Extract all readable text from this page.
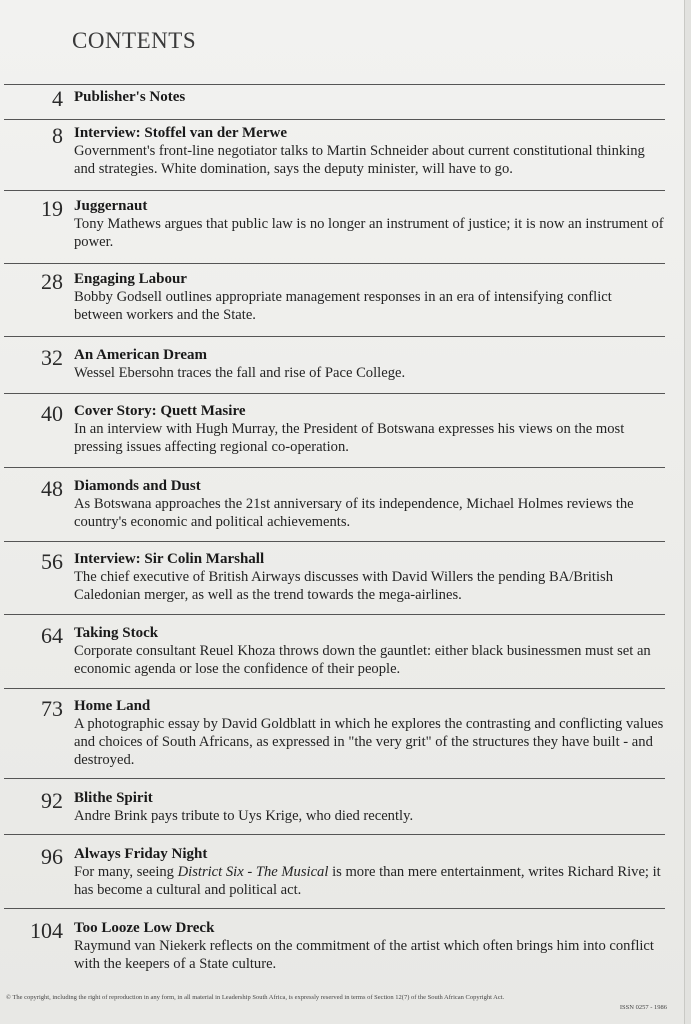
CONTENTS
4 Publisher's Notes
8 Interview: Stoffel van der Merwe
Government's front-line negotiator talks to Martin Schneider about current constitutional thinking and strategies. White domination, says the deputy minister, will have to go.
19 Juggernaut
Tony Mathews argues that public law is no longer an instrument of justice; it is now an instrument of power.
28 Engaging Labour
Bobby Godsell outlines appropriate management responses in an era of intensifying conflict between workers and the State.
32 An American Dream
Wessel Ebersohn traces the fall and rise of Pace College.
40 Cover Story: Quett Masire
In an interview with Hugh Murray, the President of Botswana expresses his views on the most pressing issues affecting regional co-operation.
48 Diamonds and Dust
As Botswana approaches the 21st anniversary of its independence, Michael Holmes reviews the country's economic and political achievements.
56 Interview: Sir Colin Marshall
The chief executive of British Airways discusses with David Willers the pending BA/British Caledonian merger, as well as the trend towards the mega-airlines.
64 Taking Stock
Corporate consultant Reuel Khoza throws down the gauntlet: either black businessmen must set an economic agenda or lose the confidence of their people.
73 Home Land
A photographic essay by David Goldblatt in which he explores the contrasting and conflicting values and choices of South Africans, as expressed in "the very grit" of the structures they have built - and destroyed.
92 Blithe Spirit
Andre Brink pays tribute to Uys Krige, who died recently.
96 Always Friday Night
For many, seeing District Six - The Musical is more than mere entertainment, writes Richard Rive; it has become a cultural and political act.
104 Too Looze Low Dreck
Raymund van Niekerk reflects on the commitment of the artist which often brings him into conflict with the keepers of a State culture.
© The copyright, including the right of reproduction in any form, in all material in Leadership South Africa, is expressly reserved in terms of Section 12(7) of the South African Copyright Act.
ISSN 0257 - 1986
